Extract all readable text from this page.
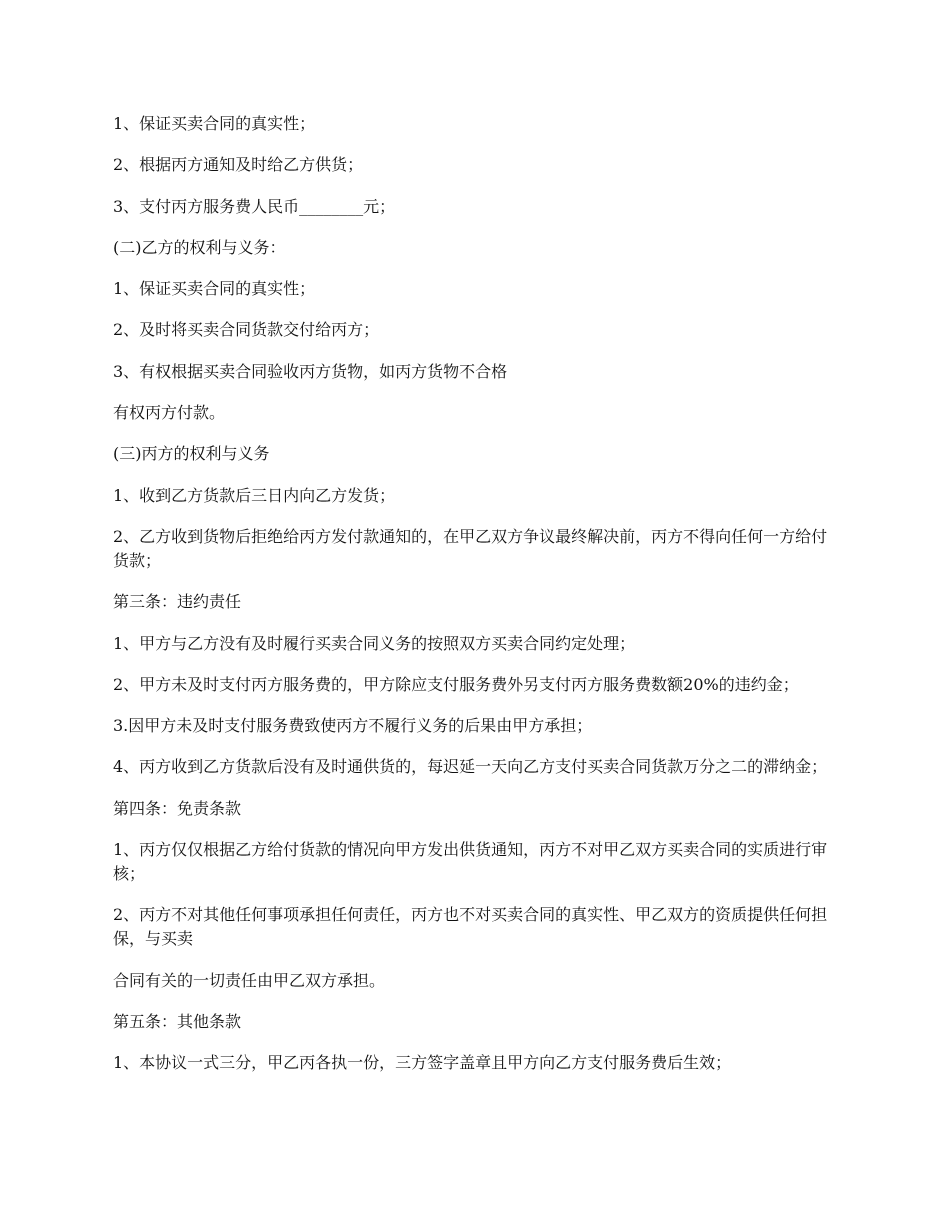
1、保证买卖合同的真实性；

2、根据丙方通知及时给乙方供货；

3、支付丙方服务费人民币________元；

(二)乙方的权利与义务：

1、保证买卖合同的真实性；

2、及时将买卖合同货款交付给丙方；

3、有权根据买卖合同验收丙方货物，如丙方货物不合格

有权丙方付款。

(三)丙方的权利与义务

1、收到乙方货款后三日内向乙方发货；

2、乙方收到货物后拒绝给丙方发付款通知的，在甲乙双方争议最终解决前，丙方不得向任何一方给付货款；

第三条：违约责任

1、甲方与乙方没有及时履行买卖合同义务的按照双方买卖合同约定处理；

2、甲方未及时支付丙方服务费的，甲方除应支付服务费外另支付丙方服务费数额20%的违约金；

3.因甲方未及时支付服务费致使丙方不履行义务的后果由甲方承担；

4、丙方收到乙方货款后没有及时通供货的，每迟延一天向乙方支付买卖合同货款万分之二的滞纳金；

第四条：免责条款

1、丙方仅仅根据乙方给付货款的情况向甲方发出供货通知，丙方不对甲乙双方买卖合同的实质进行审核；

2、丙方不对其他任何事项承担任何责任，丙方也不对买卖合同的真实性、甲乙双方的资质提供任何担保，与买卖

合同有关的一切责任由甲乙双方承担。

第五条：其他条款

1、本协议一式三分，甲乙丙各执一份，三方签字盖章且甲方向乙方支付服务费后生效；
